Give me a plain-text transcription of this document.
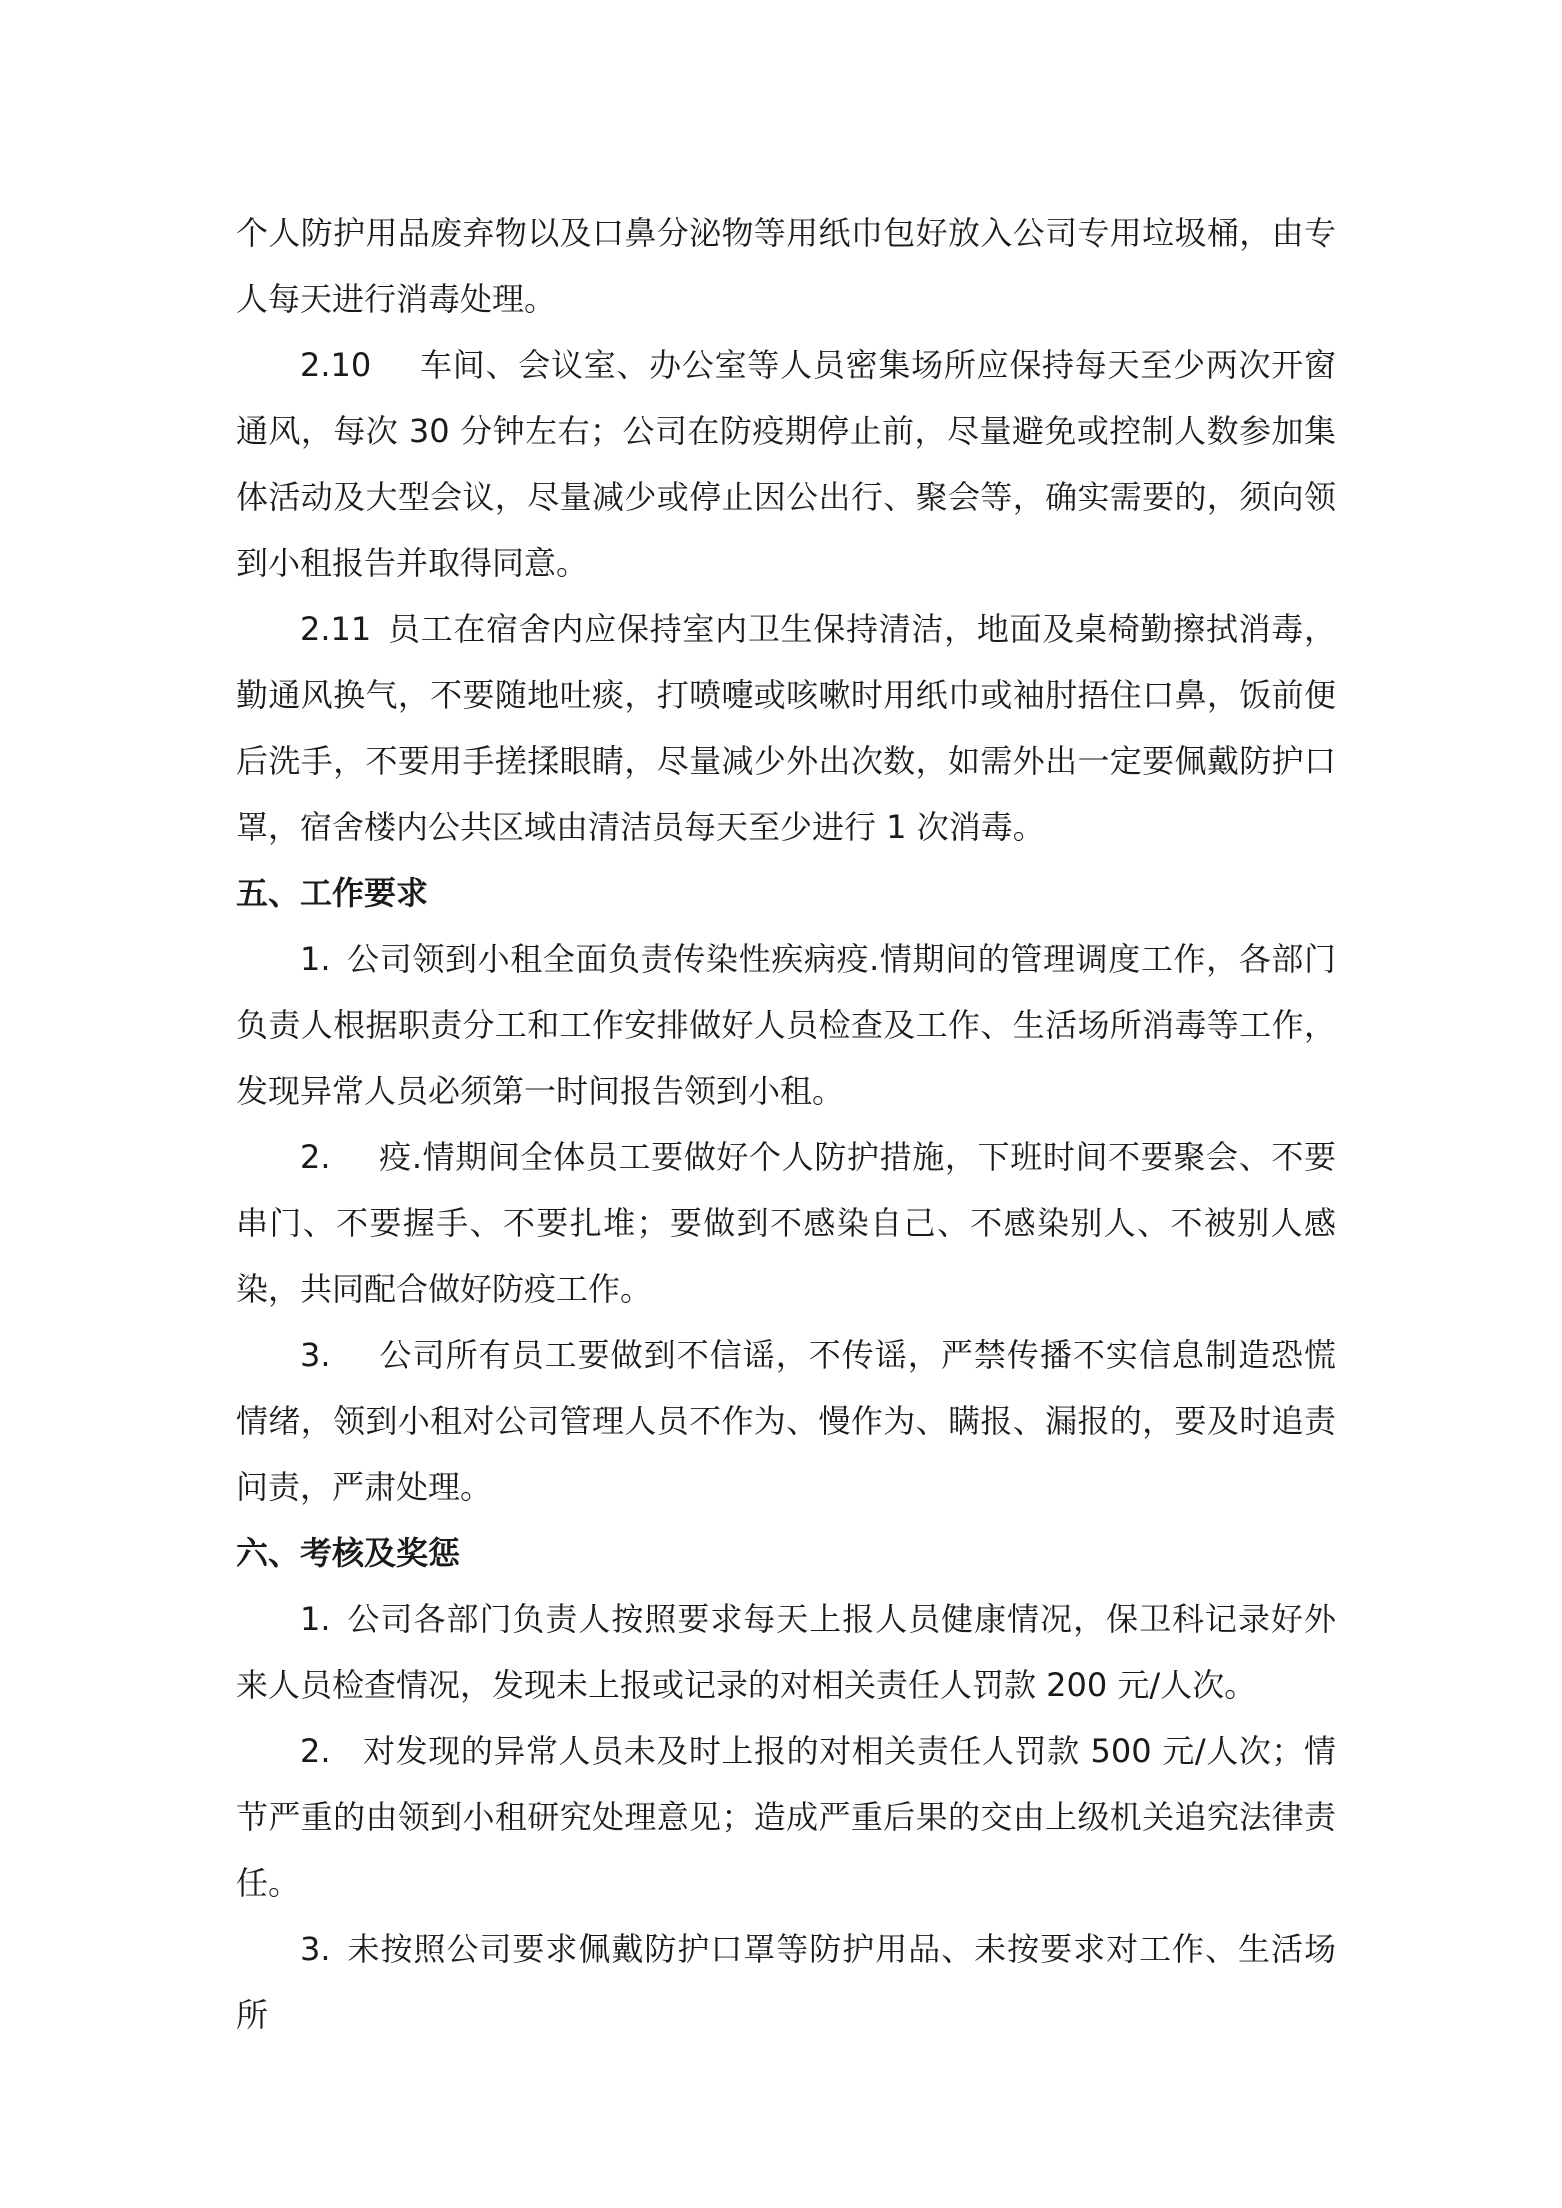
个人防护用品废弃物以及口鼻分泌物等用纸巾包好放入公司专用垃圾桶，由专人每天进行消毒处理。

2.10 车间、会议室、办公室等人员密集场所应保持每天至少两次开窗通风，每次 30 分钟左右；公司在防疫期停止前，尽量避免或控制人数参加集体活动及大型会议，尽量减少或停止因公出行、聚会等，确实需要的，须向领到小租报告并取得同意。

2.11 员工在宿舍内应保持室内卫生保持清洁，地面及桌椅勤擦拭消毒，勤通风换气，不要随地吐痰，打喷嚏或咳嗽时用纸巾或袖肘捂住口鼻，饭前便后洗手，不要用手搓揉眼睛，尽量减少外出次数，如需外出一定要佩戴防护口罩，宿舍楼内公共区域由清洁员每天至少进行 1 次消毒。

五、工作要求

1. 公司领到小租全面负责传染性疾病疫.情期间的管理调度工作，各部门负责人根据职责分工和工作安排做好人员检查及工作、生活场所消毒等工作，发现异常人员必须第一时间报告领到小租。

2. 疫.情期间全体员工要做好个人防护措施，下班时间不要聚会、不要串门、不要握手、不要扎堆；要做到不感染自己、不感染别人、不被别人感染，共同配合做好防疫工作。

3. 公司所有员工要做到不信谣，不传谣，严禁传播不实信息制造恐慌情绪，领到小租对公司管理人员不作为、慢作为、瞒报、漏报的，要及时追责问责，严肃处理。

六、考核及奖惩

1. 公司各部门负责人按照要求每天上报人员健康情况，保卫科记录好外来人员检查情况，发现未上报或记录的对相关责任人罚款 200 元/人次。

2. 对发现的异常人员未及时上报的对相关责任人罚款 500 元/人次；情节严重的由领到小租研究处理意见；造成严重后果的交由上级机关追究法律责任。

3. 未按照公司要求佩戴防护口罩等防护用品、未按要求对工作、生活场所
